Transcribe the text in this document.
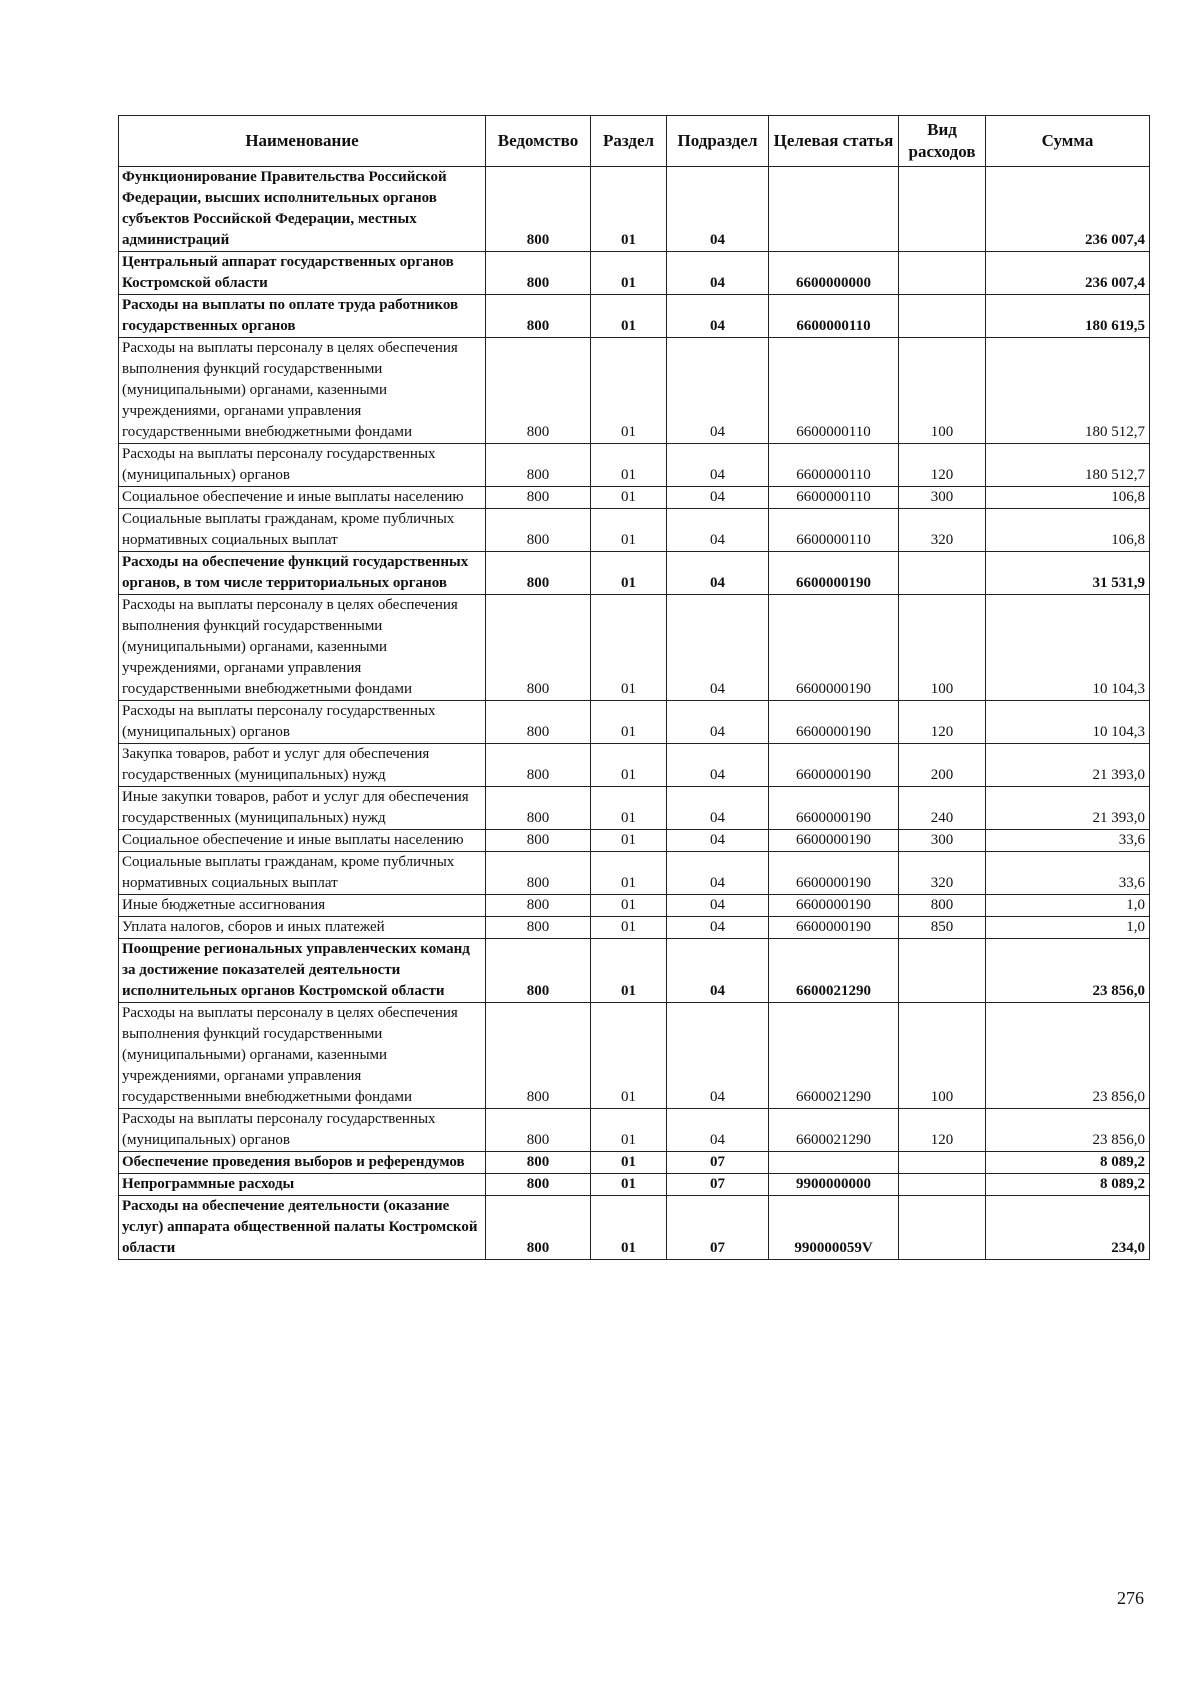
Наименование	Ведомство	Раздел	Подраздел	Целевая статья	Вид расходов	Сумма
Функционирование Правительства Российской Федерации, высших исполнительных органов субъектов Российской Федерации, местных администраций	800	01	04			236 007,4
Центральный аппарат государственных органов Костромской области	800	01	04	6600000000		236 007,4
Расходы на выплаты по оплате труда работников государственных органов	800	01	04	6600000110		180 619,5
Расходы на выплаты персоналу в целях обеспечения выполнения функций государственными (муниципальными) органами, казенными учреждениями, органами управления государственными внебюджетными фондами	800	01	04	6600000110	100	180 512,7
Расходы на выплаты персоналу государственных (муниципальных) органов	800	01	04	6600000110	120	180 512,7
Социальное обеспечение и иные выплаты населению	800	01	04	6600000110	300	106,8
Социальные выплаты гражданам, кроме публичных нормативных социальных выплат	800	01	04	6600000110	320	106,8
Расходы на обеспечение функций государственных органов, в том числе территориальных органов	800	01	04	6600000190		31 531,9
Расходы на выплаты персоналу в целях обеспечения выполнения функций государственными (муниципальными) органами, казенными учреждениями, органами управления государственными внебюджетными фондами	800	01	04	6600000190	100	10 104,3
Расходы на выплаты персоналу государственных (муниципальных) органов	800	01	04	6600000190	120	10 104,3
Закупка товаров, работ и услуг для обеспечения государственных (муниципальных) нужд	800	01	04	6600000190	200	21 393,0
Иные закупки товаров, работ и услуг для обеспечения государственных (муниципальных) нужд	800	01	04	6600000190	240	21 393,0
Социальное обеспечение и иные выплаты населению	800	01	04	6600000190	300	33,6
Социальные выплаты гражданам, кроме публичных нормативных социальных выплат	800	01	04	6600000190	320	33,6
Иные бюджетные ассигнования	800	01	04	6600000190	800	1,0
Уплата налогов, сборов и иных платежей	800	01	04	6600000190	850	1,0
Поощрение региональных управленческих команд за достижение показателей деятельности исполнительных органов Костромской области	800	01	04	6600021290		23 856,0
Расходы на выплаты персоналу в целях обеспечения выполнения функций государственными (муниципальными) органами, казенными учреждениями, органами управления государственными внебюджетными фондами	800	01	04	6600021290	100	23 856,0
Расходы на выплаты персоналу государственных (муниципальных) органов	800	01	04	6600021290	120	23 856,0
Обеспечение проведения выборов и референдумов	800	01	07			8 089,2
Непрограммные расходы	800	01	07	9900000000		8 089,2
Расходы на обеспечение деятельности (оказание услуг) аппарата общественной палаты Костромской области	800	01	07	990000059V		234,0
276
